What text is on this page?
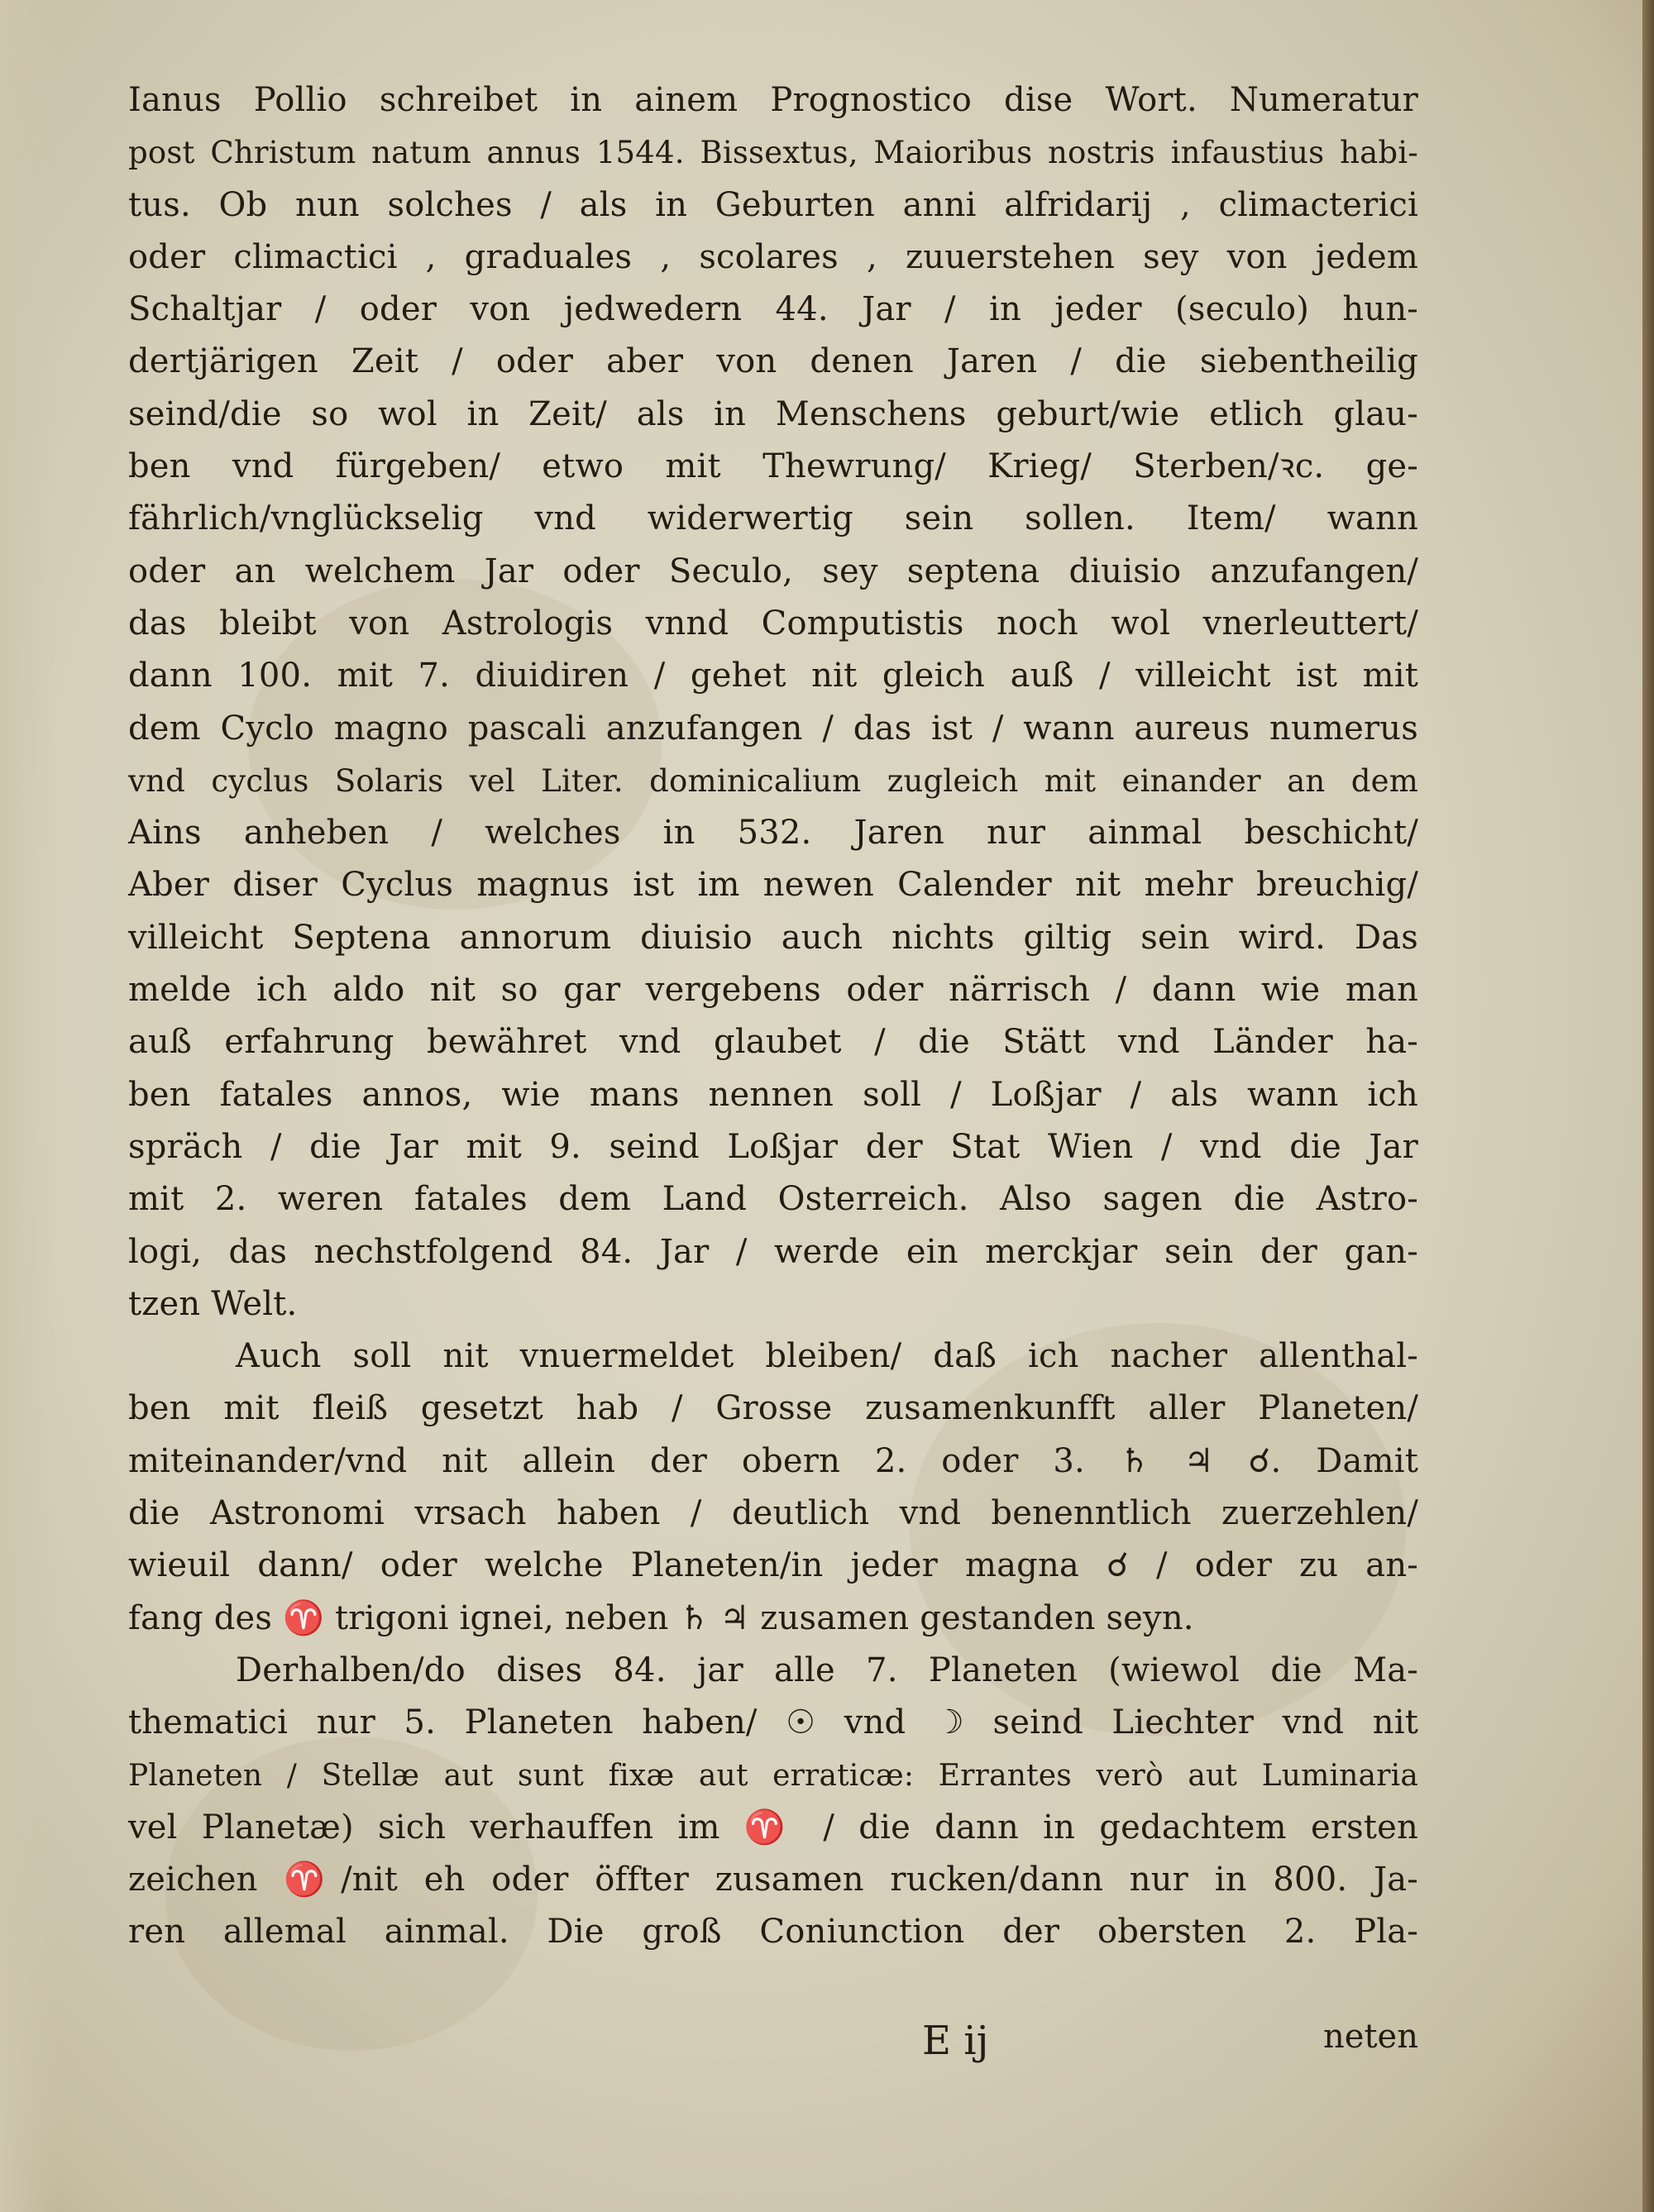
Ianus Pollio schreibet in ainem Prognostico dise Wort. Numeratur
post Christum natum annus 1544. Bissextus, Maioribus nostris infaustius habi-
tus. Ob nun solches / als in Geburten anni alfridarij , climacterici
oder climactici , graduales , scolares , zuuerstehen sey von jedem
Schaltjar / oder von jedwedern 44. Jar / in jeder (seculo) hun-
dertjärigen Zeit / oder aber von denen Jaren / die siebentheilig
seind/die so wol in Zeit/ als in Menschens geburt/wie etlich glau-
ben vnd fürgeben/ etwo mit Thewrung/ Krieg/ Sterben/ꝛc. ge-
fährlich/vnglückselig vnd widerwertig sein sollen. Item/ wann
oder an welchem Jar oder Seculo, sey septena diuisio anzufangen/
das bleibt von Astrologis vnnd Computistis noch wol vnerleuttert/
dann 100. mit 7. diuidiren / gehet nit gleich auß / villeicht ist mit
dem Cyclo magno pascali anzufangen / das ist / wann aureus numerus
vnd cyclus Solaris vel Liter. dominicalium zugleich mit einander an dem
Ains anheben / welches in 532. Jaren nur ainmal beschicht/
Aber diser Cyclus magnus ist im newen Calender nit mehr breuchig/
villeicht Septena annorum diuisio auch nichts giltig sein wird. Das
melde ich aldo nit so gar vergebens oder närrisch / dann wie man
auß erfahrung bewähret vnd glaubet / die Stätt vnd Länder ha-
ben fatales annos, wie mans nennen soll / Loßjar / als wann ich
spräch / die Jar mit 9. seind Loßjar der Stat Wien / vnd die Jar
mit 2. weren fatales dem Land Osterreich. Also sagen die Astro-
logi, das nechstfolgend 84. Jar / werde ein merckjar sein der gan-
tzen Welt.
Auch soll nit vnuermeldet bleiben/ daß ich nacher allenthal-
ben mit fleiß gesetzt hab / Grosse zusamenkunfft aller Planeten/
miteinander/vnd nit allein der obern 2. oder 3. ♄ ♃ ☌. Damit
die Astronomi vrsach haben / deutlich vnd benenntlich zuerzehlen/
wieuil dann/ oder welche Planeten/in jeder magna ☌ / oder zu an-
fang des ♈ trigoni ignei, neben ♄ ♃ zusamen gestanden seyn.
Derhalben/do dises 84. jar alle 7. Planeten (wiewol die Ma-
thematici nur 5. Planeten haben/ ☉ vnd ☽ seind Liechter vnd nit
Planeten / Stellæ aut sunt fixæ aut erraticæ: Errantes verò aut Luminaria
vel Planetæ) sich verhauffen im ♈ / die dann in gedachtem ersten
zeichen ♈/nit eh oder öffter zusamen rucken/dann nur in 800. Ja-
ren allemal ainmal. Die groß Coniunction der obersten 2. Pla-
E ij	neten
